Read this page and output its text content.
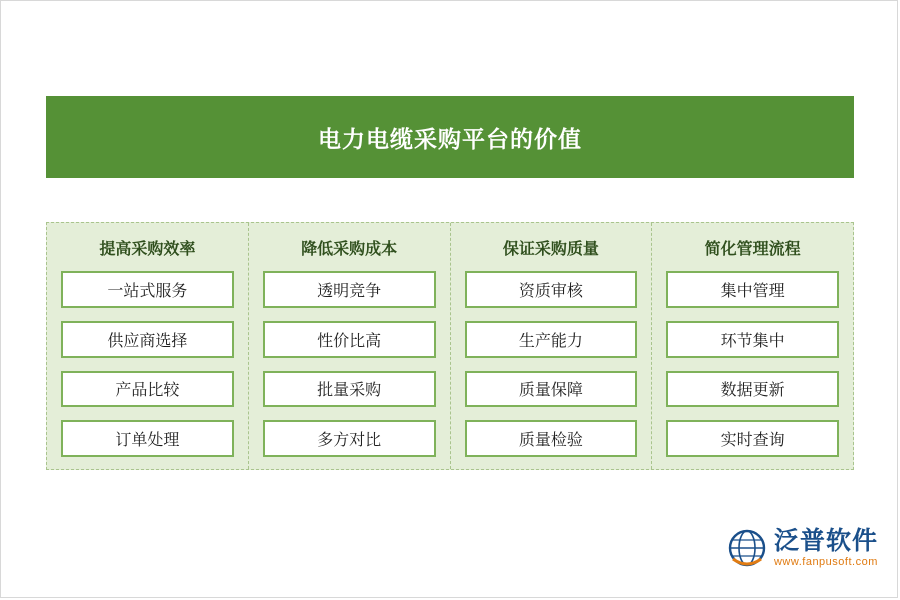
电力电缆采购平台的价值
提高采购效率
一站式服务
供应商选择
产品比较
订单处理
降低采购成本
透明竞争
性价比高
批量采购
多方对比
保证采购质量
资质审核
生产能力
质量保障
质量检验
简化管理流程
集中管理
环节集中
数据更新
实时查询
泛普软件
www.fanpusoft.com
